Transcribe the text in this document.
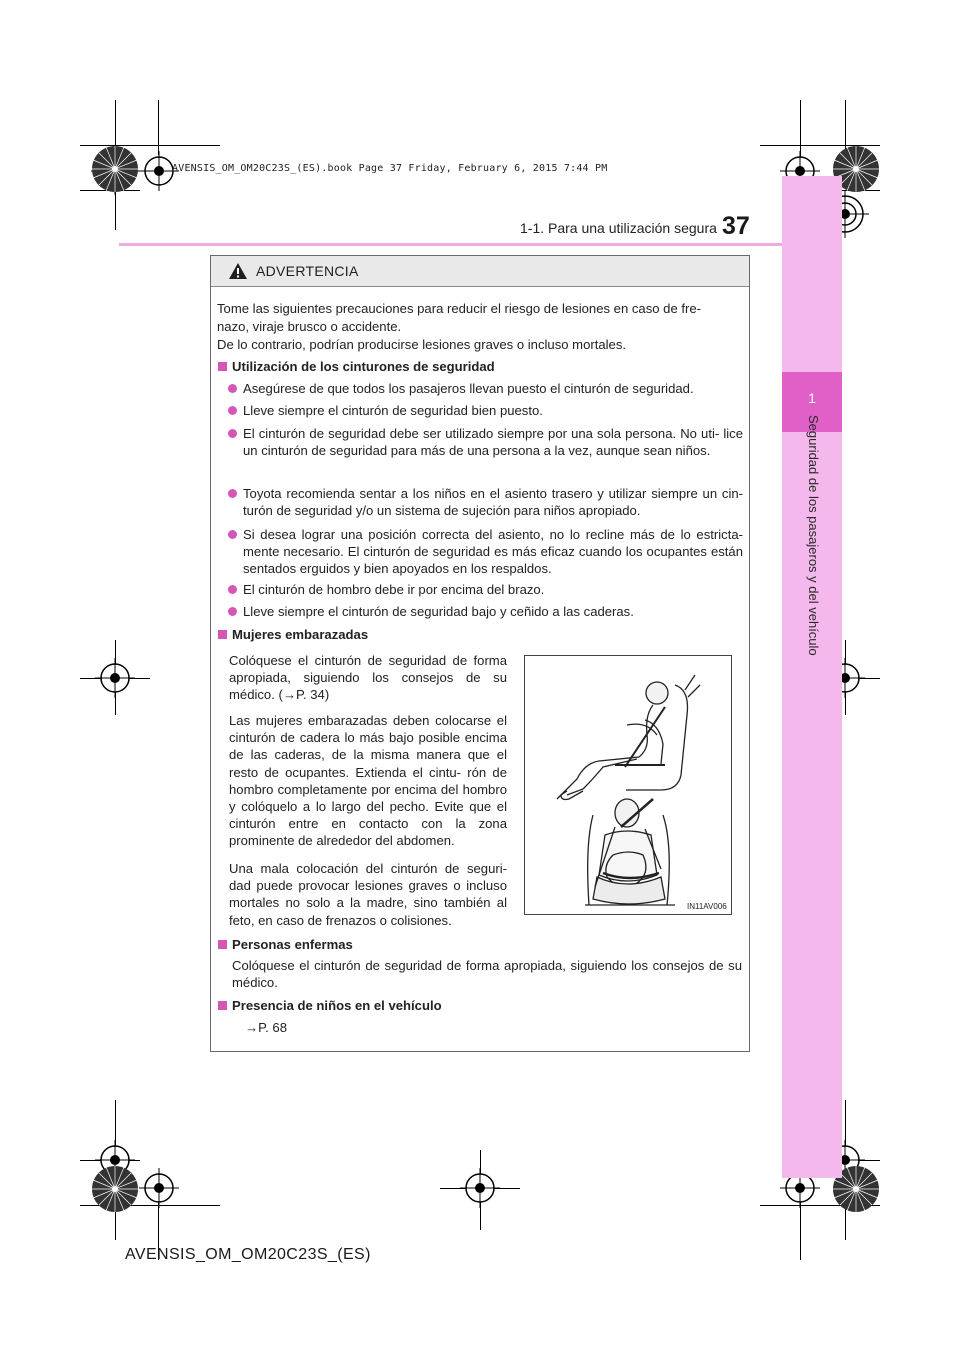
AVENSIS_OM_OM20C23S_(ES).book Page 37 Friday, February 6, 2015 7:44 PM
1-1. Para una utilización segura 37
1
Seguridad de los pasajeros y del vehículo
ADVERTENCIA
Tome las siguientes precauciones para reducir el riesgo de lesiones en caso de fre-
nazo, viraje brusco o accidente.
De lo contrario, podrían producirse lesiones graves o incluso mortales.
Utilización de los cinturones de seguridad
Asegúrese de que todos los pasajeros llevan puesto el cinturón de seguridad.
Lleve siempre el cinturón de seguridad bien puesto.
El cinturón de seguridad debe ser utilizado siempre por una sola persona. No uti- lice un cinturón de seguridad para más de una persona a la vez, aunque sean niños.
Toyota recomienda sentar a los niños en el asiento trasero y utilizar siempre un cin- turón de seguridad y/o un sistema de sujeción para niños apropiado.
Si desea lograr una posición correcta del asiento, no lo recline más de lo estricta- mente necesario. El cinturón de seguridad es más eficaz cuando los ocupantes están sentados erguidos y bien apoyados en los respaldos.
El cinturón de hombro debe ir por encima del brazo.
Lleve siempre el cinturón de seguridad bajo y ceñido a las caderas.
Mujeres embarazadas
Colóquese el cinturón de seguridad de forma apropiada, siguiendo los consejos de su médico. (→P. 34)
Las mujeres embarazadas deben colocarse el cinturón de cadera lo más bajo posible encima de las caderas, de la misma manera que el resto de ocupantes. Extienda el cintu- rón de hombro completamente por encima del hombro y colóquelo a lo largo del pecho. Evite que el cinturón entre en contacto con la zona prominente de alrededor del abdomen.
Una mala colocación del cinturón de seguri- dad puede provocar lesiones graves o incluso mortales no solo a la madre, sino también al feto, en caso de frenazos o colisiones.
IN11AV006
Personas enfermas
Colóquese el cinturón de seguridad de forma apropiada, siguiendo los consejos de su médico.
Presencia de niños en el vehículo
→P. 68
AVENSIS_OM_OM20C23S_(ES)
